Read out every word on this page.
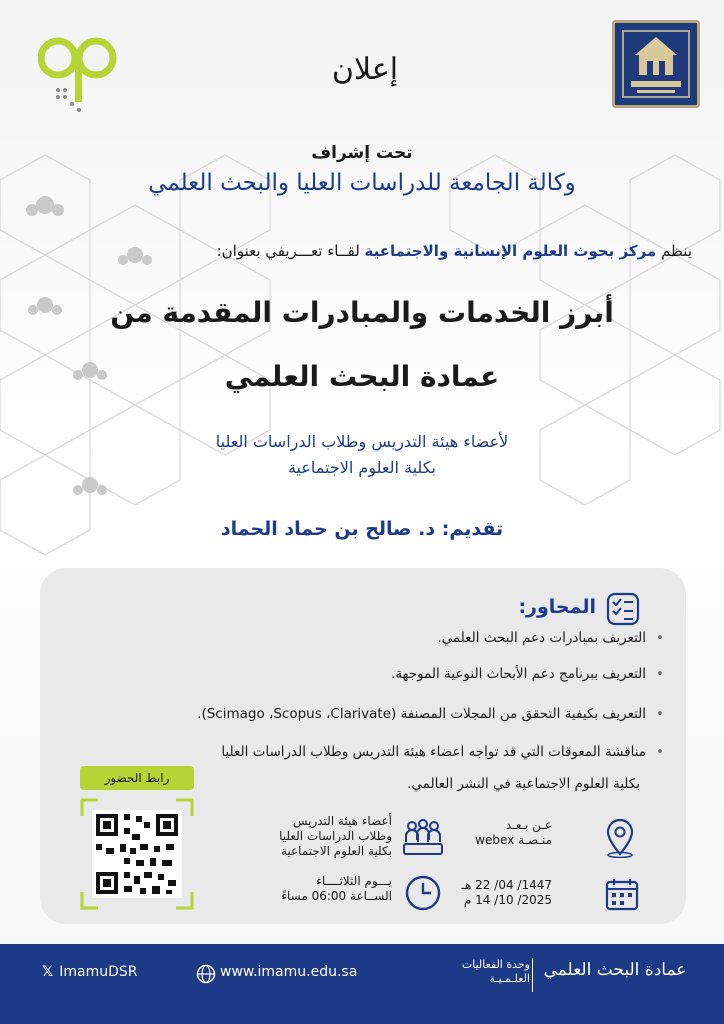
إعلان
تحت إشراف
وكالة الجامعة للدراسات العليا والبحث العلمي
ينظم مركز بحوث العلوم الإنسانية والاجتماعية لقــاء تعـــريفي بعنوان:
أبرز الخدمات والمبادرات المقدمة من
عمادة البحث العلمي
لأعضاء هيئة التدريس وطلاب الدراسات العليا
بكلية العلوم الاجتماعية
تقديم: د. صالح بن حماد الحماد
المحاور:
•التعريف بمبادرات دعم البحث العلمي.
•التعريف ببرنامج دعم الأبحاث النوعية الموجهة.
•التعريف بكيفية التحقق من المجلات المصنفة (Scimago ،Scopus ،Clarivate).
•مناقشة المعوقات التي قد تواجه اعضاء هيئة التدريس وطلاب الدراسات العليا
بكلية العلوم الاجتماعية في النشر العالمي.
رابط الحضور
أعضاء هيئة التدريس
وطلاب الدراسات العليا
بكلية العلوم الاجتماعية
عـن بـعـد
منـصـة webex
يـــوم الثلاثــــاء
الســاعة 06:00 مساءً
1447/ 04/ 22 هـ
2025/ 10/ 14 م
𝕏 ImamuDSR	www.imamu.edu.sa	وحدة الفعاليات
العلـمـيـة عمادة البحث العلمي
